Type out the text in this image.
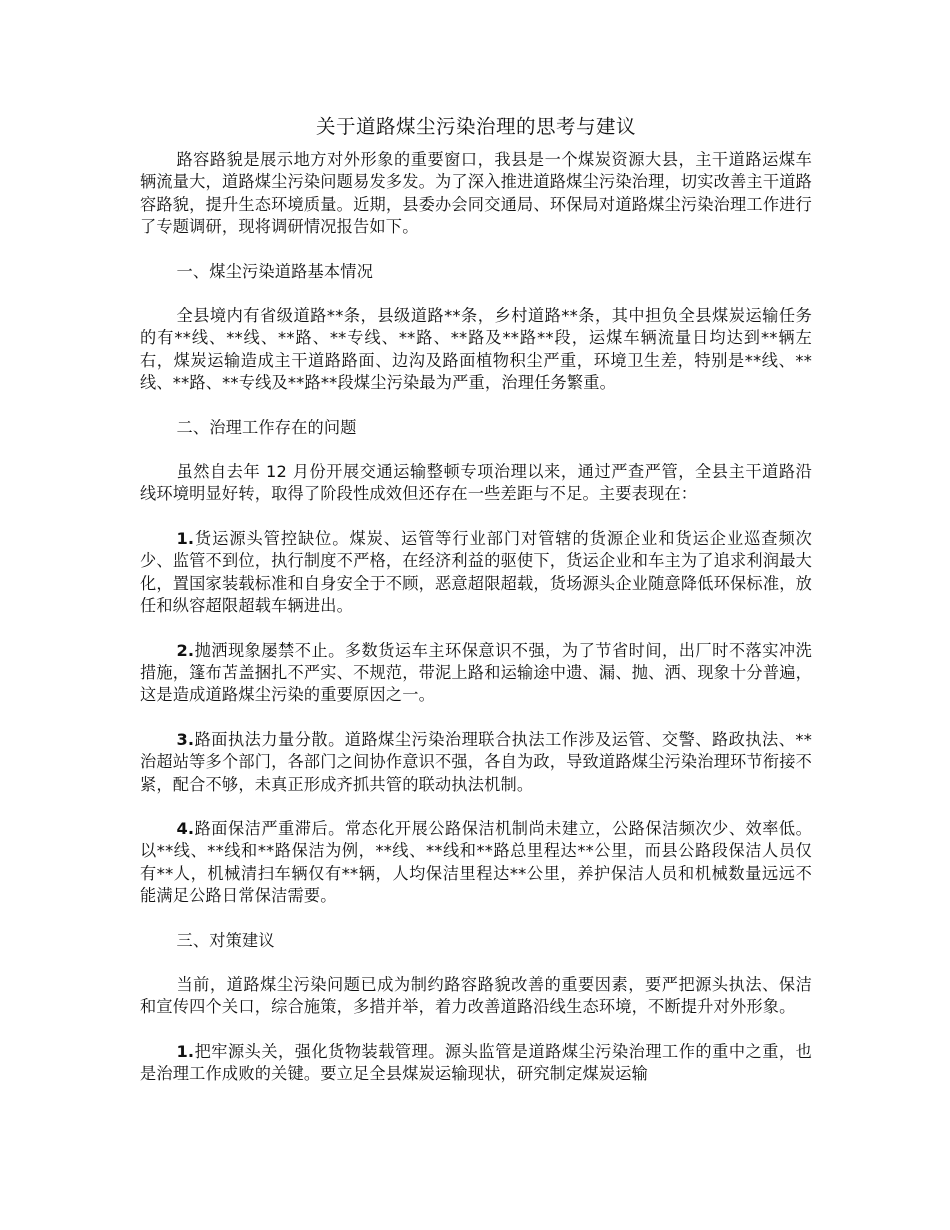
关于道路煤尘污染治理的思考与建议

路容路貌是展示地方对外形象的重要窗口，我县是一个煤炭资源大县，主干道路运煤车辆流量大，道路煤尘污染问题易发多发。为了深入推进道路煤尘污染治理，切实改善主干道路容路貌，提升生态环境质量。近期，县委办会同交通局、环保局对道路煤尘污染治理工作进行了专题调研，现将调研情况报告如下。

一、煤尘污染道路基本情况

全县境内有省级道路**条，县级道路**条，乡村道路**条，其中担负全县煤炭运输任务的有**线、**线、**路、**专线、**路、**路及**路**段，运煤车辆流量日均达到**辆左右，煤炭运输造成主干道路路面、边沟及路面植物积尘严重，环境卫生差，特别是**线、**线、**路、**专线及**路**段煤尘污染最为严重，治理任务繁重。

二、治理工作存在的问题

虽然自去年 12 月份开展交通运输整顿专项治理以来，通过严查严管，全县主干道路沿线环境明显好转，取得了阶段性成效但还存在一些差距与不足。主要表现在：

1.货运源头管控缺位。煤炭、运管等行业部门对管辖的货源企业和货运企业巡查频次少、监管不到位，执行制度不严格，在经济利益的驱使下，货运企业和车主为了追求利润最大化，置国家装载标准和自身安全于不顾，恶意超限超载，货场源头企业随意降低环保标准，放任和纵容超限超载车辆进出。

2.抛洒现象屡禁不止。多数货运车主环保意识不强，为了节省时间，出厂时不落实冲洗措施，篷布苫盖捆扎不严实、不规范，带泥上路和运输途中遗、漏、抛、洒、现象十分普遍，这是造成道路煤尘污染的重要原因之一。

3.路面执法力量分散。道路煤尘污染治理联合执法工作涉及运管、交警、路政执法、**治超站等多个部门，各部门之间协作意识不强，各自为政，导致道路煤尘污染治理环节衔接不紧，配合不够，未真正形成齐抓共管的联动执法机制。

4.路面保洁严重滞后。常态化开展公路保洁机制尚未建立，公路保洁频次少、效率低。以**线、**线和**路保洁为例，**线、**线和**路总里程达**公里，而县公路段保洁人员仅有**人，机械清扫车辆仅有**辆，人均保洁里程达**公里，养护保洁人员和机械数量远远不能满足公路日常保洁需要。

三、对策建议

当前，道路煤尘污染问题已成为制约路容路貌改善的重要因素，要严把源头执法、保洁和宣传四个关口，综合施策，多措并举，着力改善道路沿线生态环境，不断提升对外形象。

1.把牢源头关，强化货物装载管理。源头监管是道路煤尘污染治理工作的重中之重，也是治理工作成败的关键。要立足全县煤炭运输现状，研究制定煤炭运输
